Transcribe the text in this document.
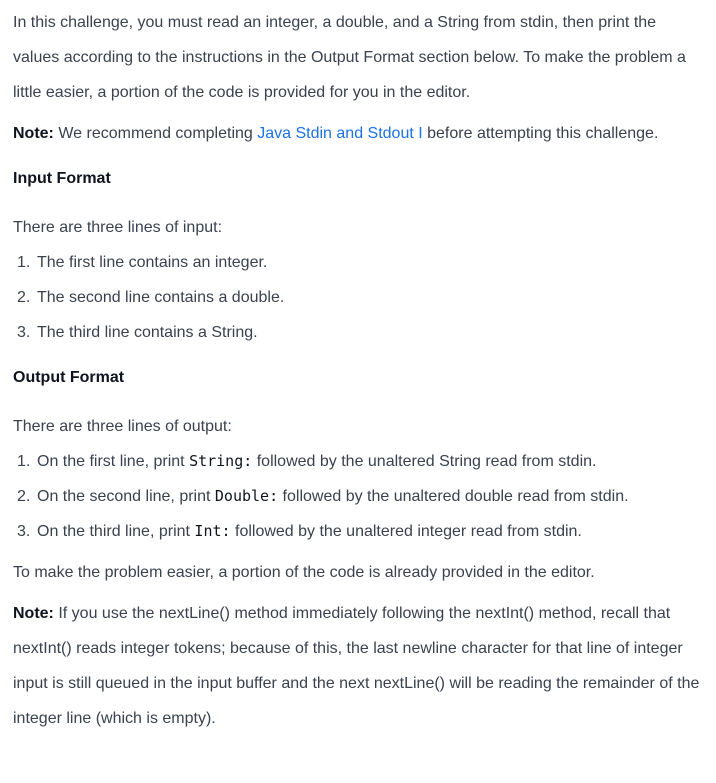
In this challenge, you must read an integer, a double, and a String from stdin, then print the values according to the instructions in the Output Format section below. To make the problem a little easier, a portion of the code is provided for you in the editor.

Note: We recommend completing Java Stdin and Stdout I before attempting this challenge.

Input Format

There are three lines of input:

1. The first line contains an integer.
2. The second line contains a double.
3. The third line contains a String.
Output Format

There are three lines of output:

1. On the first line, print String: followed by the unaltered String read from stdin.
2. On the second line, print Double: followed by the unaltered double read from stdin.
3. On the third line, print Int: followed by the unaltered integer read from stdin.

To make the problem easier, a portion of the code is already provided in the editor.

Note: If you use the nextLine() method immediately following the nextInt() method, recall that nextInt() reads integer tokens; because of this, the last newline character for that line of integer input is still queued in the input buffer and the next nextLine() will be reading the remainder of the integer line (which is empty).
